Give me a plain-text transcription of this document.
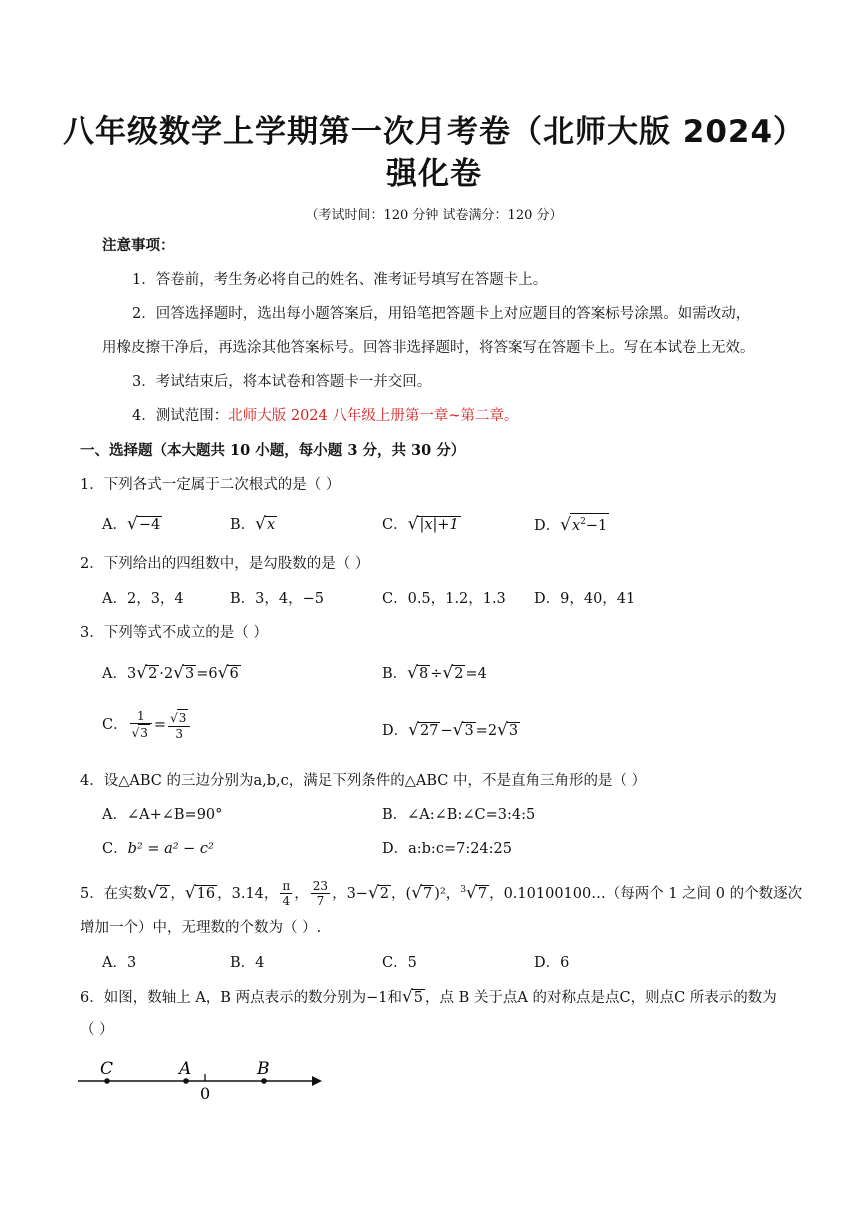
八年级数学上学期第一次月考卷（北师大版 2024）
强化卷
（考试时间：120 分钟 试卷满分：120 分）
注意事项：
1．答卷前，考生务必将自己的姓名、准考证号填写在答题卡上。
2．回答选择题时，选出每小题答案后，用铅笔把答题卡上对应题目的答案标号涂黑。如需改动，
用橡皮擦干净后，再选涂其他答案标号。回答非选择题时，将答案写在答题卡上。写在本试卷上无效。
3．考试结束后，将本试卷和答题卡一并交回。
4．测试范围：北师大版 2024 八年级上册第一章~第二章。
一、选择题（本大题共 10 小题，每小题 3 分，共 30 分）
1．下列各式一定属于二次根式的是（ ）
A．√−4	B．√x	C．√|x|+1	D．$√x^2-1$
2．下列给出的四组数中，是勾股数的是（ ）
A．2，3，4	B．3，4，−5	C．0.5，1.2，1.3 D．9，40，41
3．下列等式不成立的是（ ）
A．3√2 ·2√3 =6√6	B．√8 ÷√2 =4
C． $\frac{1}{√3} = \frac{√3}{3}$	D．√27 −√3 =2√3
4．设△ABC 的三边分别为a,b,c，满足下列条件的△ABC 中，不是直角三角形的是（ ）
A．∠A+∠B=90°	B．∠A:∠B:∠C=3:4:5
C．b² = a² − c²	D．a:b:c=7:24:25
5．在实数√2 ，√16 ，3.14， $\frac{\pi}{4}$ ， $\frac{23}{7}$ ，3−√2 ，(√7 )²，$^3$√7 ，0.10100100…（每两个 1 之间 0 的个数逐次
增加一个）中，无理数的个数为（ ）.
A．3	B．4	C．5	D．6
6．如图，数轴上 A，B 两点表示的数分别为−1和√5 ，点 B 关于点A 的对称点是点C，则点C 所表示的数为
（ ）
C	A	B
0
